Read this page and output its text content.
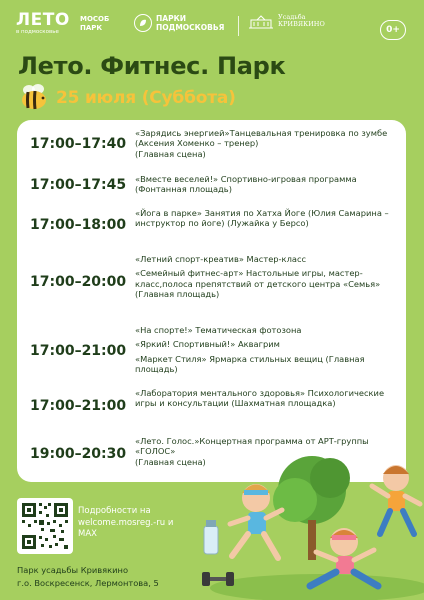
ЛЕТО
в подмосковье
МОСОБ
ПАРК
ПАРКИ
ПОДМОСКОВЬЯ
Усадьба
КРИВЯКИНО
0+
Лето. Фитнес. Парк
25 июля (Суббота)
17:00–17:40

«Зарядись энергией»Танцевальная тренировка по зумбе (Аксения Хоменко – тренер)

(Главная сцена)

17:00–17:45 «Вместе веселей!» Спортивно-игровая программа (Фонтанная площадь)

17:00–18:00

«Йога в парке» Занятия по Хатха Йоге (Юлия Самарина – инструктор по йоге) (Лужайка у Берсо)

17:00–20:00

«Летний спорт-креатив» Мастер-класс

«Семейный фитнес-арт» Настольные игры, мастер- класс,полоса препятствий от детского центра «Семья» (Главная площадь)

17:00–21:00

«На спорте!» Тематическая фотозона

«Яркий! Спортивный!» Аквагрим

«Маркет Стиля» Ярмарка стильных вещиц (Главная площадь)

17:00–21:00

«Лаборатория ментального здоровья» Психологические игры и консультации (Шахматная площадка)

19:00–20:30

«Лето. Голос.»Концертная программа от АРТ-группы «ГОЛОС»

(Главная сцена)

Подробности на welcome.mosreg.-ru и MAX
Парк усадьбы Кривякино
г.о. Воскресенск, Лермонтова, 5
